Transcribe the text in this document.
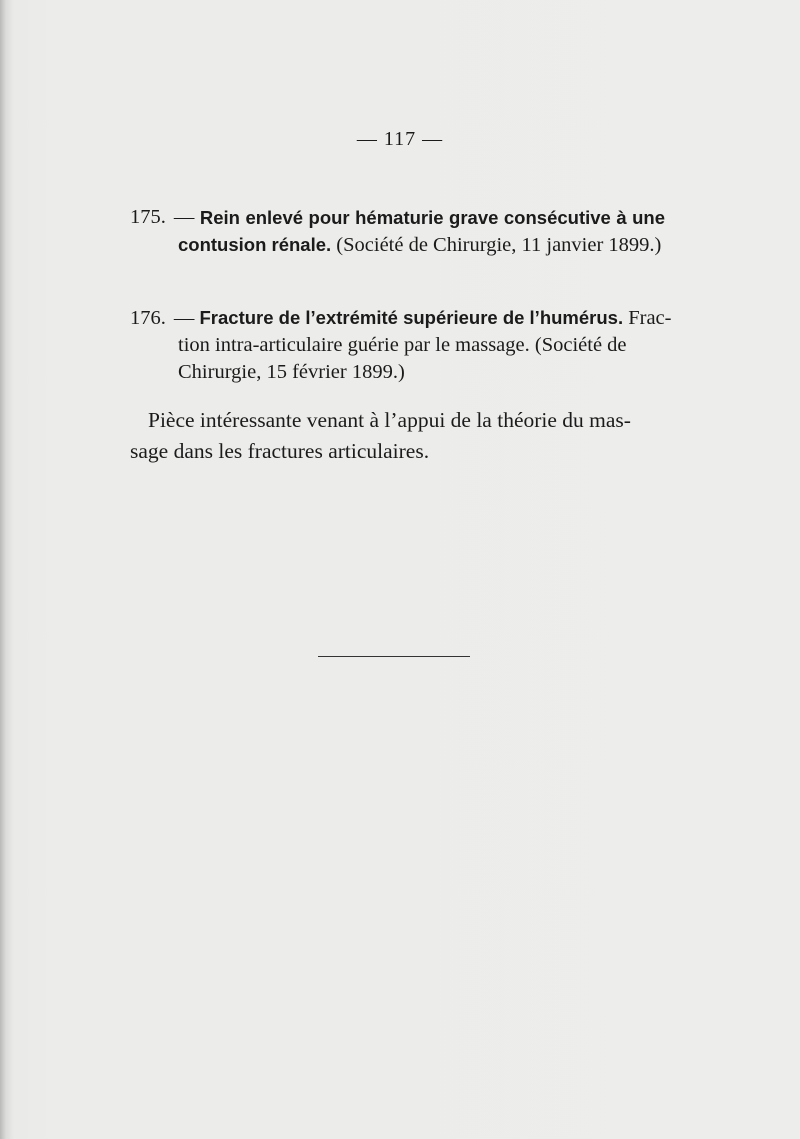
— 117 —
175. — Rein enlevé pour hématurie grave consécutive à une
contusion rénale. (Société de Chirurgie, 11 janvier 1899.)
176. — Fracture de l’extrémité supérieure de l’humérus. Frac-
tion intra-articulaire guérie par le massage. (Société de
Chirurgie, 15 février 1899.)
Pièce intéressante venant à l’appui de la théorie du mas-
sage dans les fractures articulaires.
